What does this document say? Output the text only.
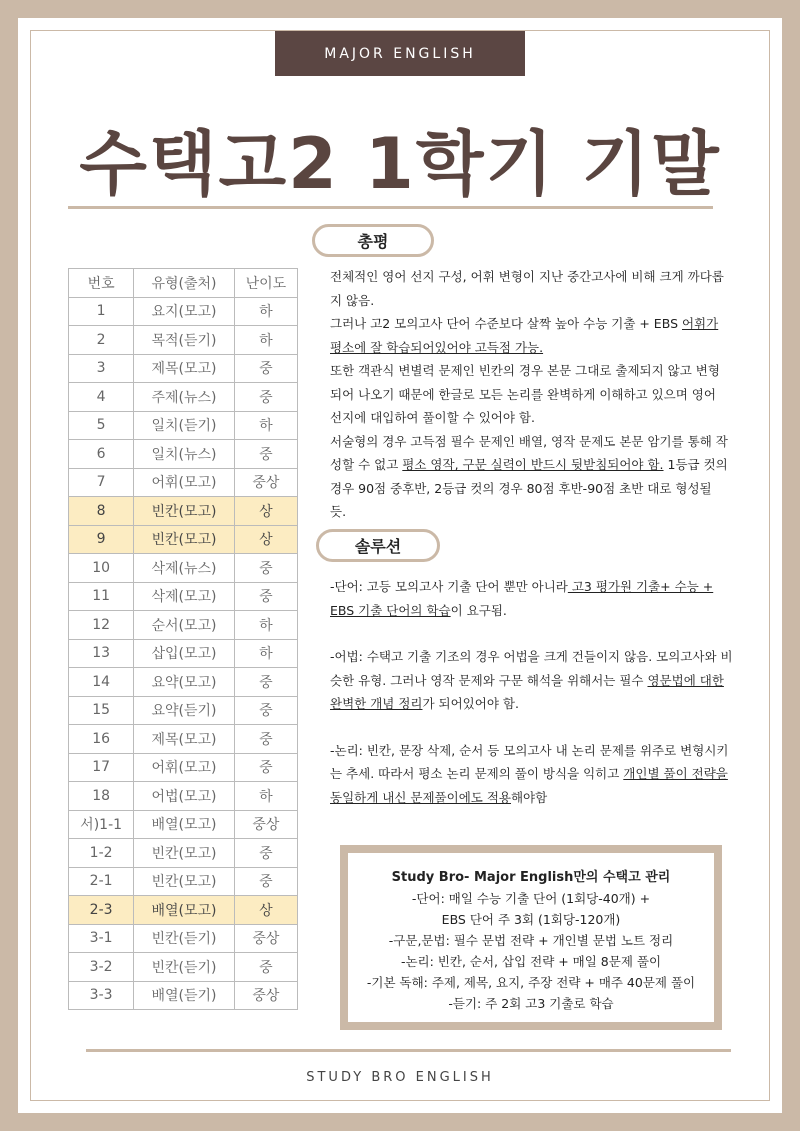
MAJOR ENGLISH
수택고2 1학기 기말
총평
번호	유형(출처)	난이도
1	요지(모고)	하
2	목적(듣기)	하
3	제목(모고)	중
4	주제(뉴스)	중
5	일치(듣기)	하
6	일치(뉴스)	중
7	어휘(모고)	중상
8	빈칸(모고)	상
9	빈칸(모고)	상
10	삭제(뉴스)	중
11	삭제(모고)	중
12	순서(모고)	하
13	삽입(모고)	하
14	요약(모고)	중
15	요약(듣기)	중
16	제목(모고)	중
17	어휘(모고)	중
18	어법(모고)	하
서)1-1	배열(모고)	중상
1-2	빈칸(모고)	중
2-1	빈칸(모고)	중
2-3	배열(모고)	상
3-1	빈칸(듣기)	중상
3-2	빈칸(듣기)	중
3-3	배열(듣기)	중상
전체적인 영어 선지 구성, 어휘 변형이 지난 중간고사에 비해 크게 까다롭지 않음.
그러나 고2 모의고사 단어 수준보다 살짝 높아 수능 기출 + EBS 어휘가 평소에 잘 학습되어있어야 고득점 가능.
또한 객관식 변별력 문제인 빈칸의 경우 본문 그대로 출제되지 않고 변형되어 나오기 때문에 한글로 모든 논리를 완벽하게 이해하고 있으며 영어 선지에 대입하여 풀이할 수 있어야 함.
서술형의 경우 고득점 필수 문제인 배열, 영작 문제도 본문 암기를 통해 작성할 수 없고 평소 영작, 구문 실력이 반드시 뒷받침되어야 함. 1등급 컷의 경우 90점 중후반, 2등급 컷의 경우 80점 후반-90점 초반 대로 형성될 듯.
솔루션
-단어: 고등 모의고사 기출 단어 뿐만 아니라 고3 평가원 기출+ 수능 + EBS 기출 단어의 학습이 요구됨.
-어법: 수택고 기출 기조의 경우 어법을 크게 건들이지 않음. 모의고사와 비슷한 유형. 그러나 영작 문제와 구문 해석을 위해서는 필수 영문법에 대한 완벽한 개념 정리가 되어있어야 함.
-논리: 빈칸, 문장 삭제, 순서 등 모의고사 내 논리 문제를 위주로 변형시키는 추세. 따라서 평소 논리 문제의 풀이 방식을 익히고 개인별 풀이 전략을 동일하게 내신 문제풀이에도 적용해야함
Study Bro- Major English만의 수택고 관리
-단어: 매일 수능 기출 단어 (1회당-40개) +
EBS 단어 주 3회 (1회당-120개)
-구문,문법: 필수 문법 전략 + 개인별 문법 노트 정리
-논리: 빈칸, 순서, 삽입 전략 + 매일 8문제 풀이
-기본 독해: 주제, 제목, 요지, 주장 전략 + 매주 40문제 풀이
-듣기: 주 2회 고3 기출로 학습
STUDY BRO ENGLISH
